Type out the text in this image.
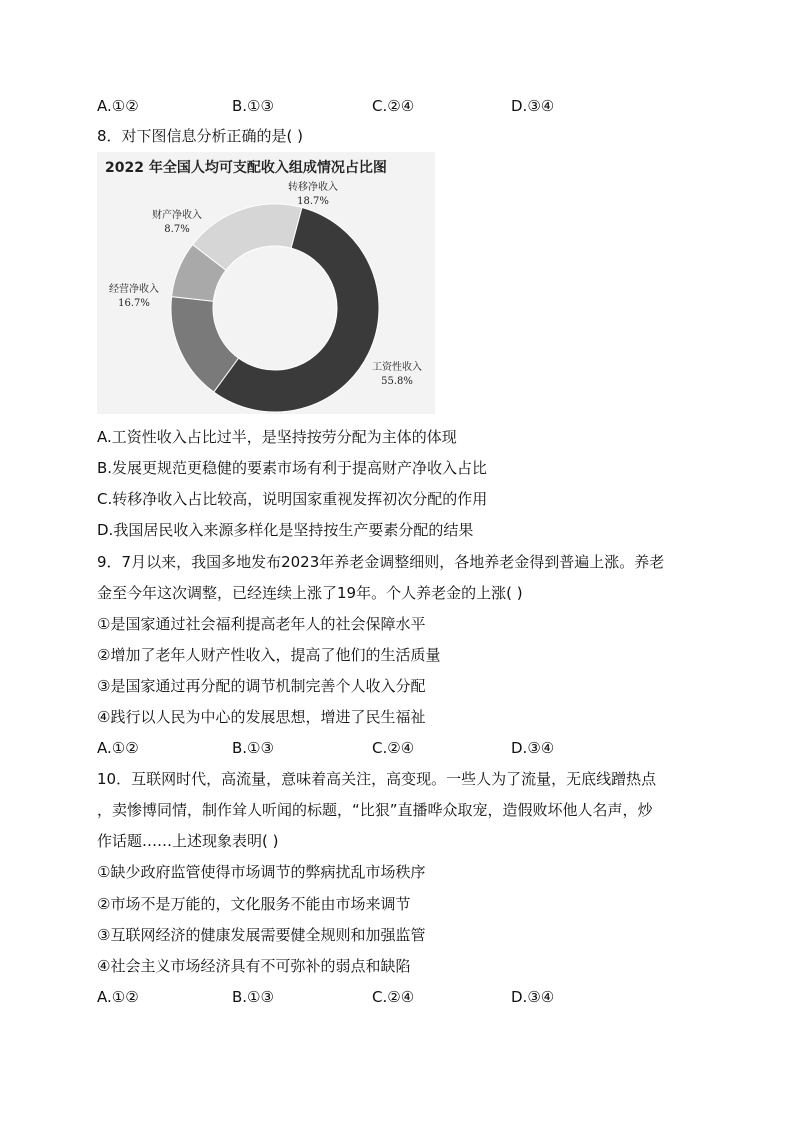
A.①②	B.①③	C.②④	D.③④
8．对下图信息分析正确的是( )
2022 年全国人均可支配收入组成情况占比图
工资性收入
55.8%
经营净收入
16.7%
财产净收入
8.7%
转移净收入
18.7%
A.工资性收入占比过半，是坚持按劳分配为主体的体现
B.发展更规范更稳健的要素市场有利于提高财产净收入占比
C.转移净收入占比较高，说明国家重视发挥初次分配的作用
D.我国居民收入来源多样化是坚持按生产要素分配的结果
9．7月以来，我国多地发布2023年养老金调整细则，各地养老金得到普遍上涨。养老
金至今年这次调整，已经连续上涨了19年。个人养老金的上涨( )
①是国家通过社会福利提高老年人的社会保障水平
②增加了老年人财产性收入，提高了他们的生活质量
③是国家通过再分配的调节机制完善个人收入分配
④践行以人民为中心的发展思想，增进了民生福祉
A.①②	B.①③	C.②④	D.③④
10．互联网时代，高流量，意味着高关注，高变现。一些人为了流量，无底线蹭热点
，卖惨博同情，制作耸人听闻的标题，“比狠”直播哗众取宠，造假败坏他人名声，炒
作话题……上述现象表明( )
①缺少政府监管使得市场调节的弊病扰乱市场秩序
②市场不是万能的，文化服务不能由市场来调节
③互联网经济的健康发展需要健全规则和加强监管
④社会主义市场经济具有不可弥补的弱点和缺陷
A.①②	B.①③	C.②④	D.③④
